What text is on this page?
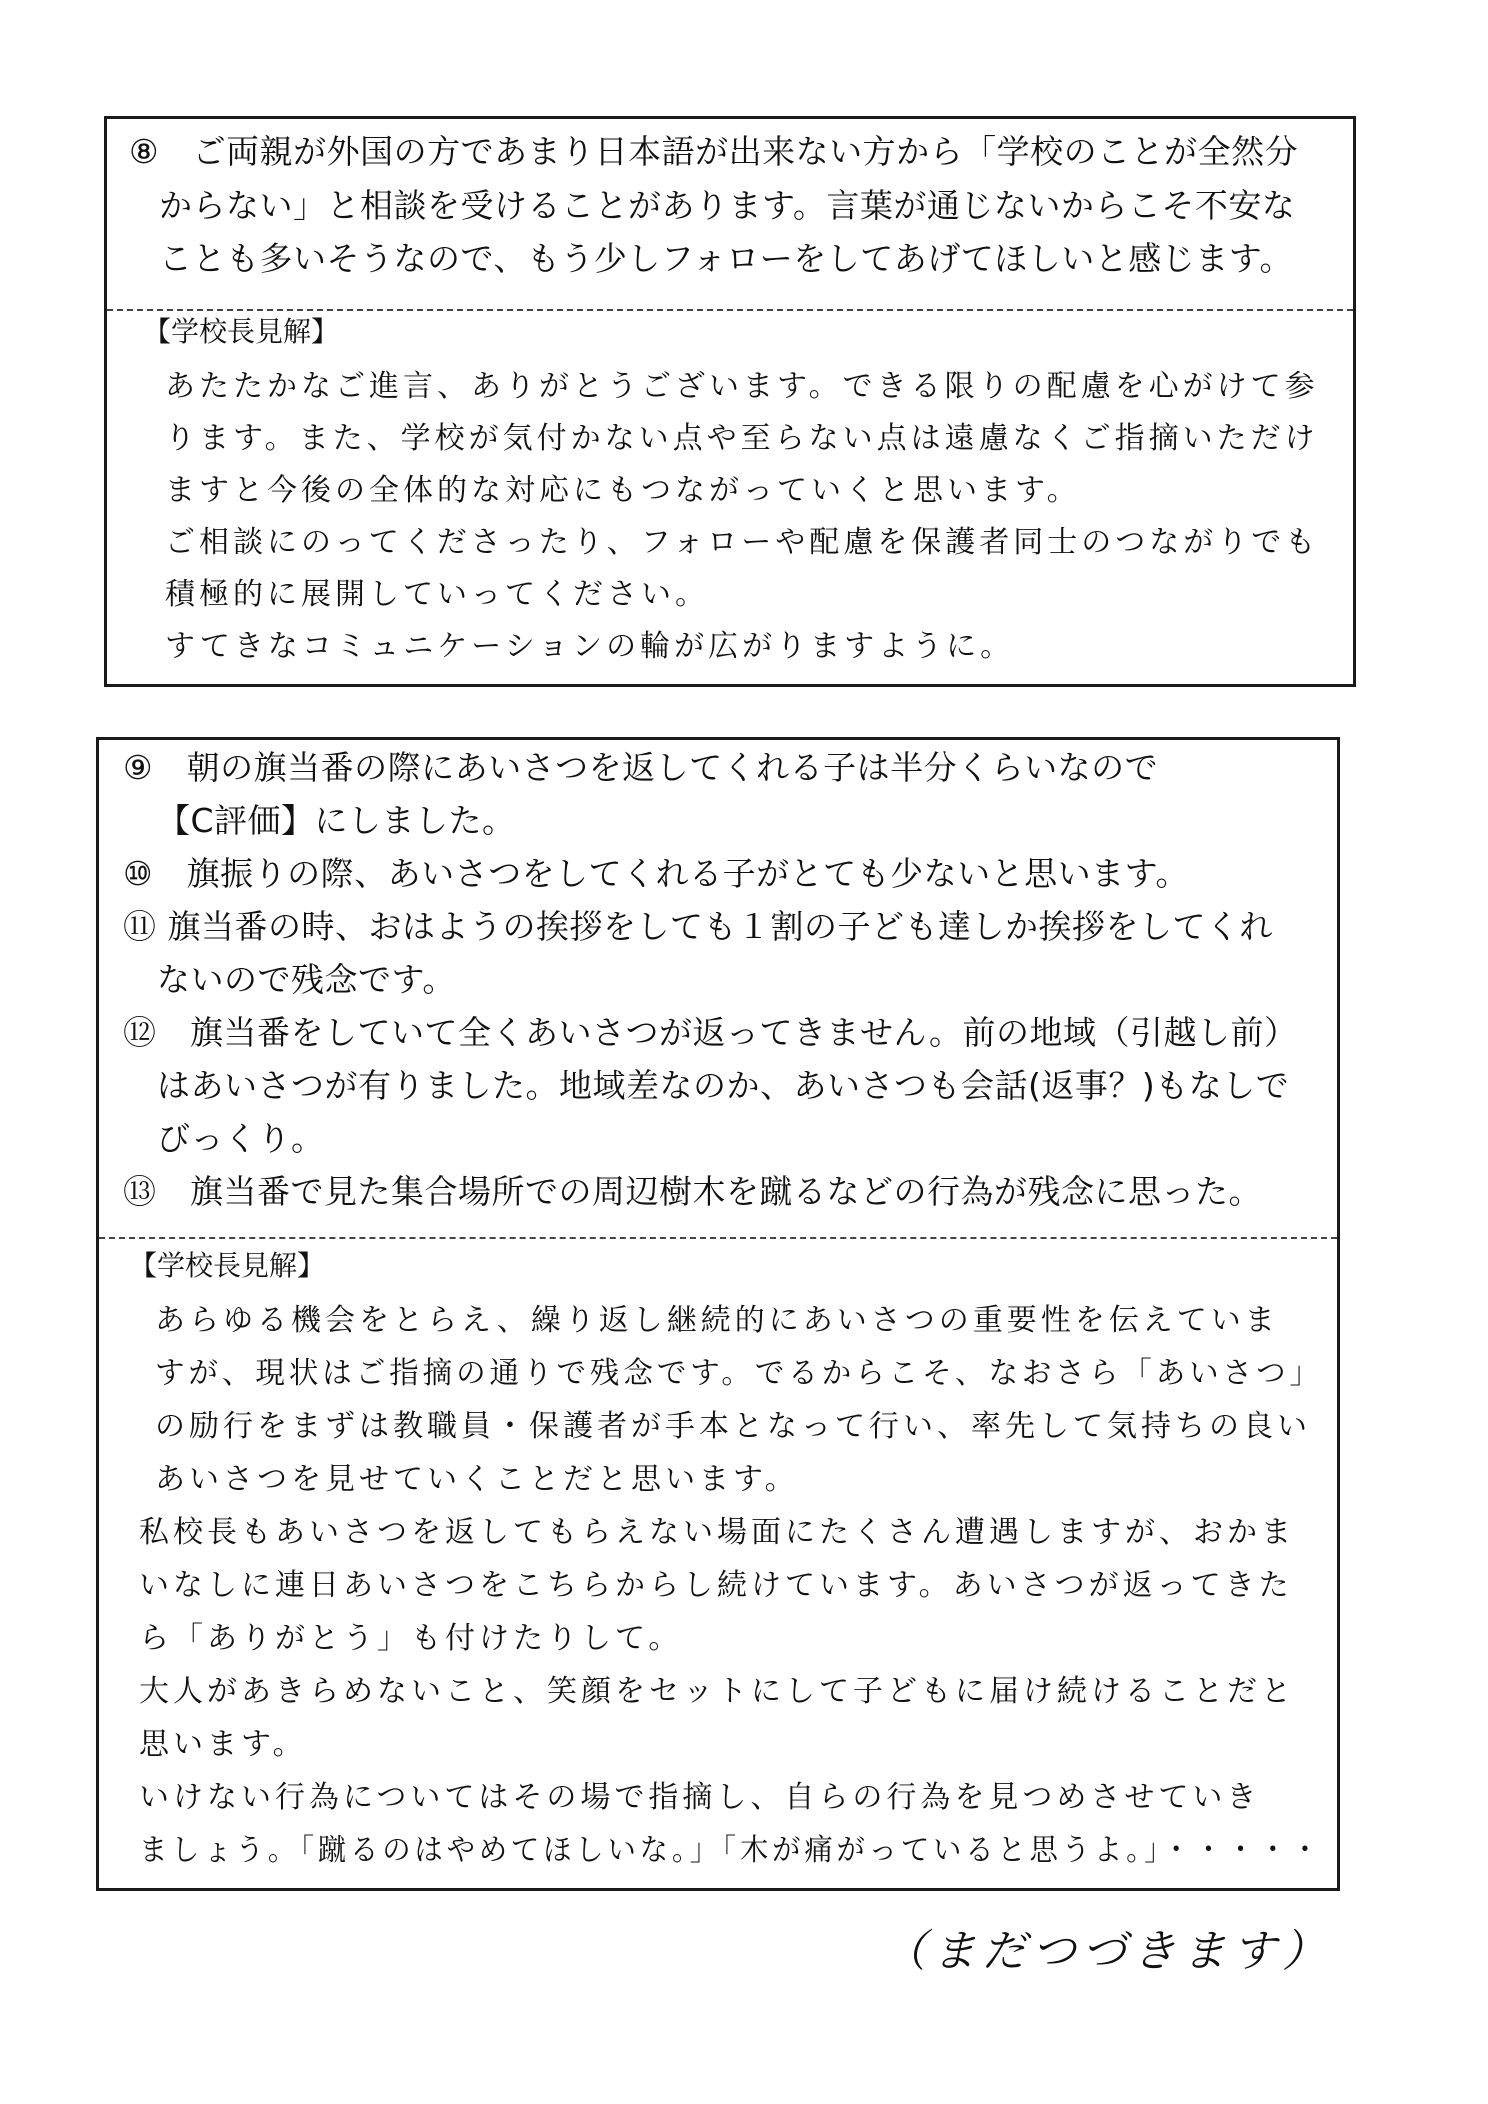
⑧　ご両親が外国の方であまり日本語が出来ない方から「学校のことが全然分
からない」と相談を受けることがあります。言葉が通じないからこそ不安な
ことも多いそうなので、もう少しフォローをしてあげてほしいと感じます。
【学校長見解】
あたたかなご進言、ありがとうございます。できる限りの配慮を心がけて参
ります。また、学校が気付かない点や至らない点は遠慮なくご指摘いただけ
ますと今後の全体的な対応にもつながっていくと思います。
ご相談にのってくださったり、フォローや配慮を保護者同士のつながりでも
積極的に展開していってください。
すてきなコミュニケーションの輪が広がりますように。
⑨　朝の旗当番の際にあいさつを返してくれる子は半分くらいなので
【C評価】にしました。
⑩　旗振りの際、あいさつをしてくれる子がとても少ないと思います。
⑪ 旗当番の時、おはようの挨拶をしても１割の子ども達しか挨拶をしてくれ
ないので残念です。
⑫　旗当番をしていて全くあいさつが返ってきません。前の地域（引越し前）
はあいさつが有りました。地域差なのか、あいさつも会話(返事？)もなしで
びっくり。
⑬　旗当番で見た集合場所での周辺樹木を蹴るなどの行為が残念に思った。
【学校長見解】
あらゆる機会をとらえ、繰り返し継続的にあいさつの重要性を伝えていま
すが、現状はご指摘の通りで残念です。でるからこそ、なおさら「あいさつ」
の励行をまずは教職員・保護者が手本となって行い、率先して気持ちの良い
あいさつを見せていくことだと思います。
私校長もあいさつを返してもらえない場面にたくさん遭遇しますが、おかま
いなしに連日あいさつをこちらからし続けています。あいさつが返ってきた
ら「ありがとう」も付けたりして。
大人があきらめないこと、笑顔をセットにして子どもに届け続けることだと
思います。
いけない行為についてはその場で指摘し、自らの行為を見つめさせていき
ましょう。「蹴るのはやめてほしいな。」「木が痛がっていると思うよ。」・・・・・
（まだつづきます）
